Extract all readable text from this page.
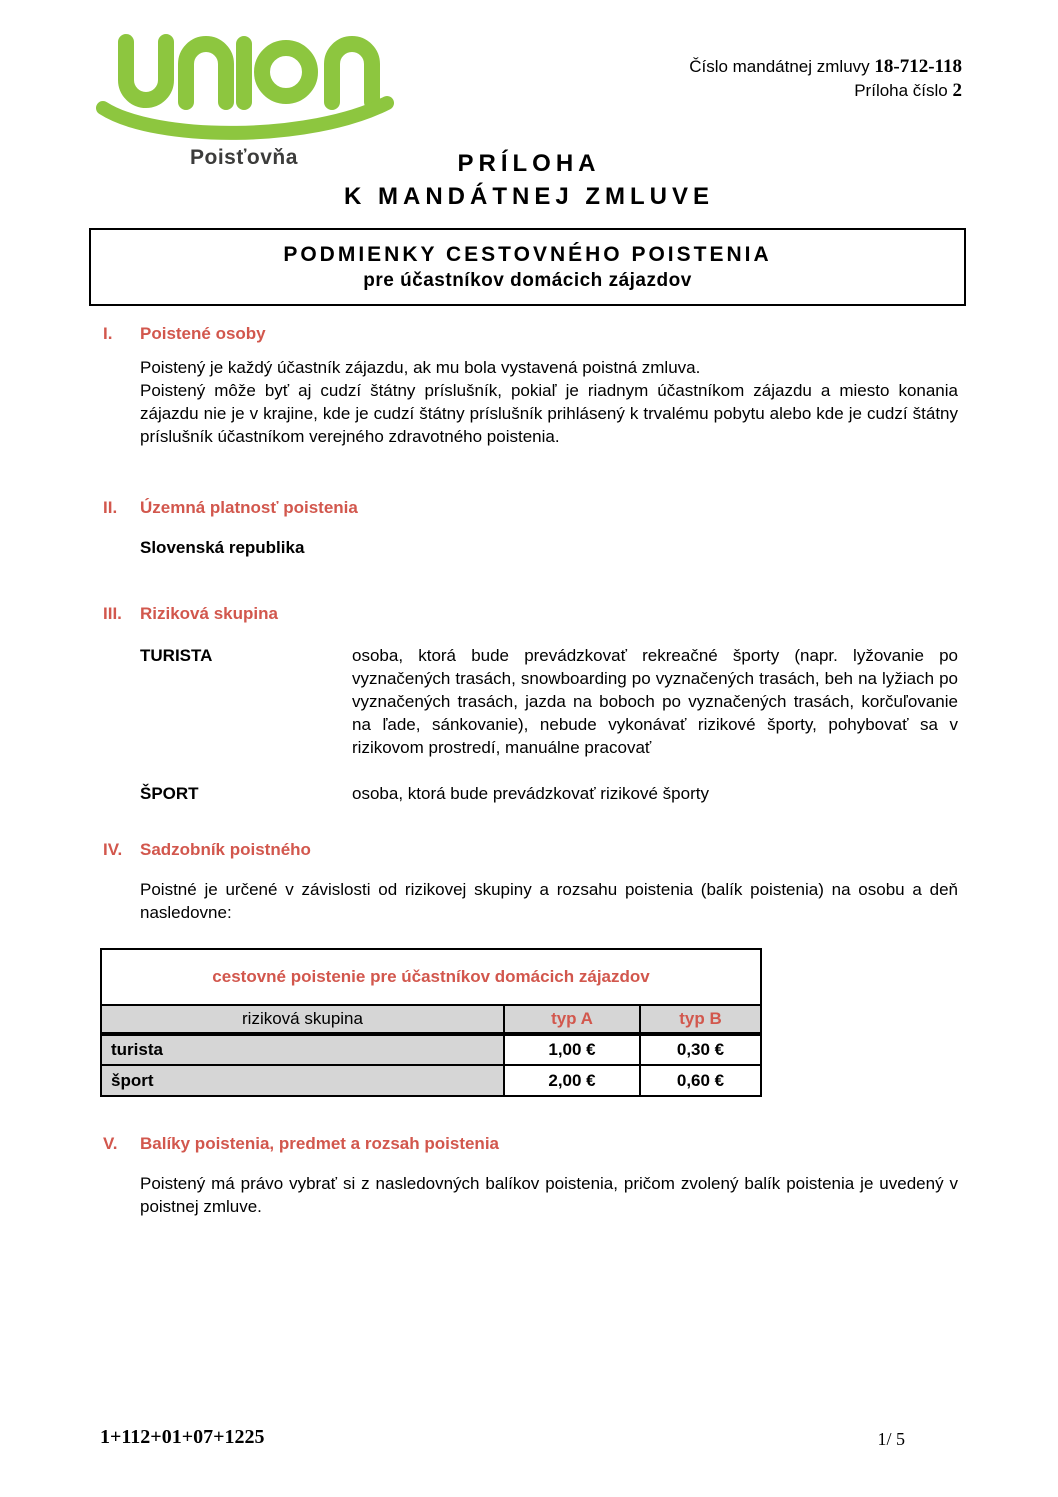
Poisťovňa
Číslo mandátnej zmluvy 18-712-118
Príloha číslo 2
PRÍLOHA
K MANDÁTNEJ ZMLUVE
PODMIENKY CESTOVNÉHO POISTENIA
pre účastníkov domácich zájazdov
I.	Poistené osoby

Poistený je každý účastník zájazdu, ak mu bola vystavená poistná zmluva.

Poistený môže byť aj cudzí štátny príslušník, pokiaľ je riadnym účastníkom zájazdu a miesto konania zájazdu nie je v krajine, kde je cudzí štátny príslušník prihlásený k trvalému pobytu alebo kde je cudzí štátny príslušník účastníkom verejného zdravotného poistenia.

II.	Územná platnosť poistenia
Slovenská republika
III.	Riziková skupina
TURISTA	osoba, ktorá bude prevádzkovať rekreačné športy (napr. lyžovanie po vyznačených trasách, snowboarding po vyznačených trasách, beh na lyžiach po vyznačených trasách, jazda na boboch po vyznačených trasách, korčuľovanie na ľade, sánkovanie), nebude vykonávať rizikové športy, pohybovať sa v rizikovom prostredí, manuálne pracovať
ŠPORT	osoba, ktorá bude prevádzkovať rizikové športy
IV.	Sadzobník poistného
Poistné je určené v závislosti od rizikovej skupiny a rozsahu poistenia (balík poistenia) na osobu a deň nasledovne:
cestovné poistenie pre účastníkov domácich zájazdov		
riziková skupina	typ A	typ B
turista	1,00 €	0,30 €
šport	2,00 €	0,60 €
V.	Balíky poistenia, predmet a rozsah poistenia
Poistený má právo vybrať si z nasledovných balíkov poistenia, pričom zvolený balík poistenia je uvedený v poistnej zmluve.
1+112+01+07+1225	1/ 5
